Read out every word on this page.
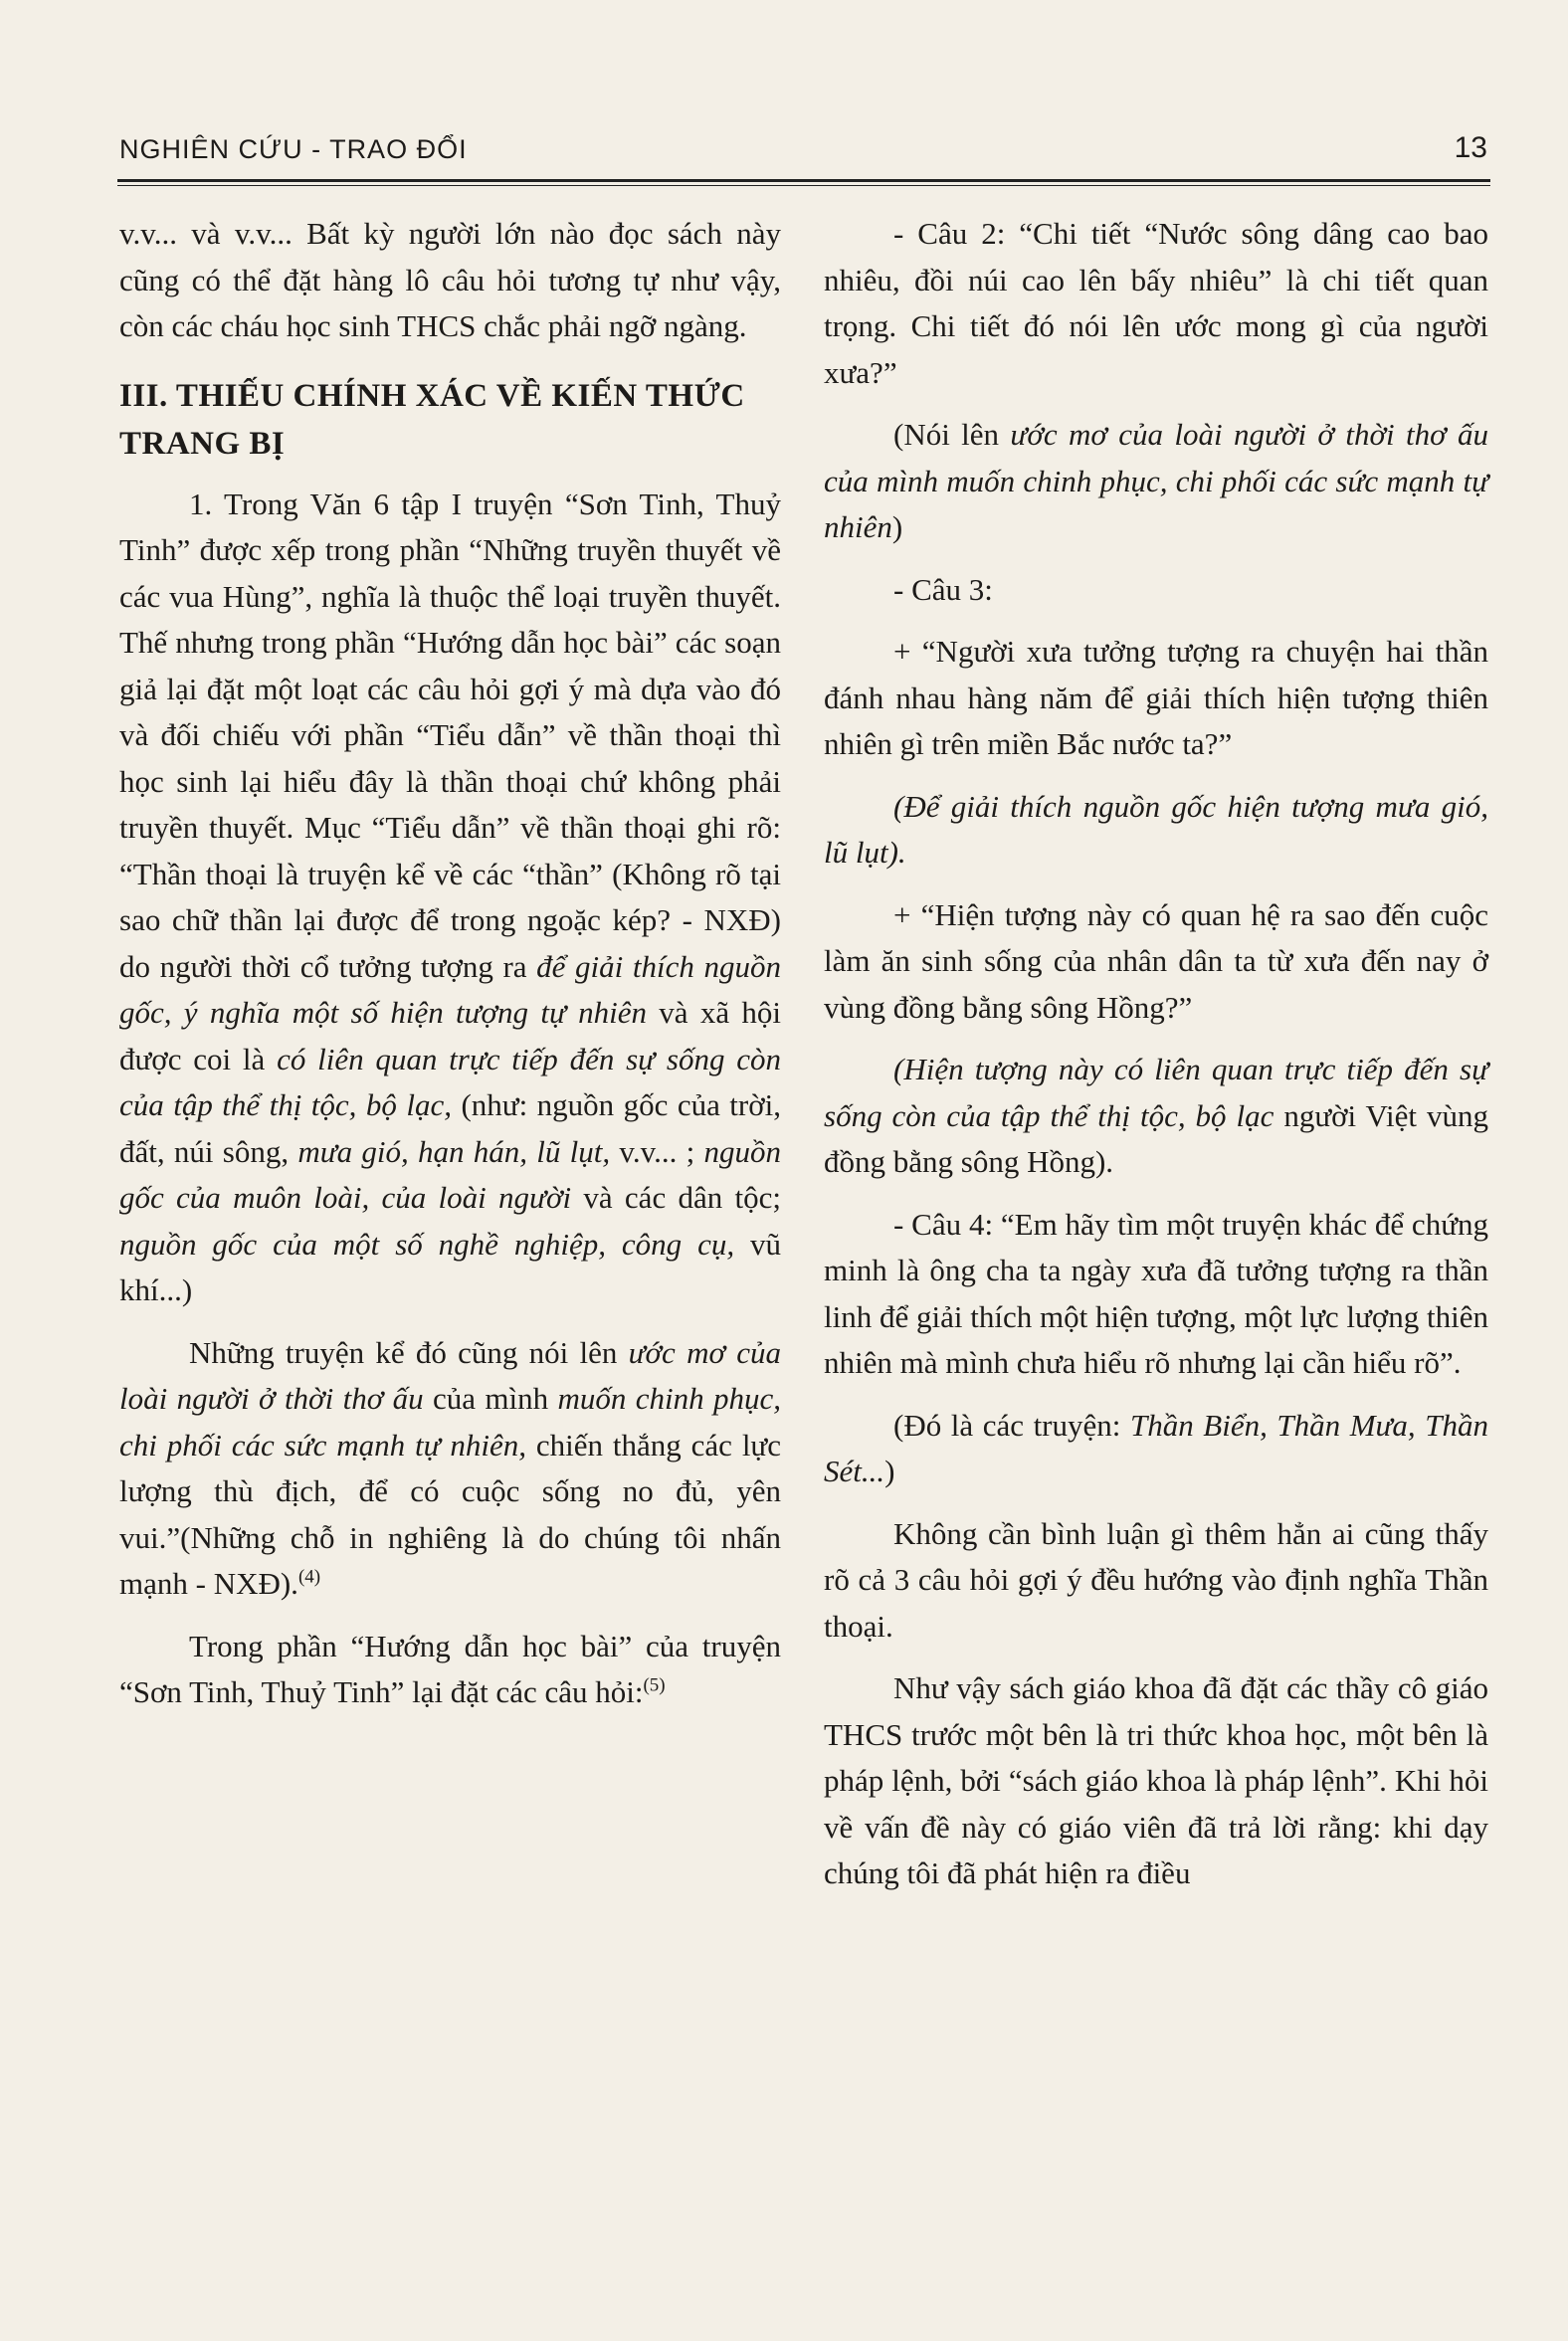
NGHIÊN CỨU - TRAO ĐỔI	13

v.v... và v.v... Bất kỳ người lớn nào đọc sách này cũng có thể đặt hàng lô câu hỏi tương tự như vậy, còn các cháu học sinh THCS chắc phải ngỡ ngàng.

III. THIẾU CHÍNH XÁC VỀ KIẾN THỨC TRANG BỊ

1. Trong Văn 6 tập I truyện “Sơn Tinh, Thuỷ Tinh” được xếp trong phần “Những truyền thuyết về các vua Hùng”, nghĩa là thuộc thể loại truyền thuyết. Thế nhưng trong phần “Hướng dẫn học bài” các soạn giả lại đặt một loạt các câu hỏi gợi ý mà dựa vào đó và đối chiếu với phần “Tiểu dẫn” về thần thoại thì học sinh lại hiểu đây là thần thoại chứ không phải truyền thuyết. Mục “Tiểu dẫn” về thần thoại ghi rõ: “Thần thoại là truyện kể về các “thần” (Không rõ tại sao chữ thần lại được để trong ngoặc kép? - NXĐ) do người thời cổ tưởng tượng ra để giải thích nguồn gốc, ý nghĩa một số hiện tượng tự nhiên và xã hội được coi là có liên quan trực tiếp đến sự sống còn của tập thể thị tộc, bộ lạc, (như: nguồn gốc của trời, đất, núi sông, mưa gió, hạn hán, lũ lụt, v.v... ; nguồn gốc của muôn loài, của loài người và các dân tộc; nguồn gốc của một số nghề nghiệp, công cụ, vũ khí...)

Những truyện kể đó cũng nói lên ước mơ của loài người ở thời thơ ấu của mình muốn chinh phục, chi phối các sức mạnh tự nhiên, chiến thắng các lực lượng thù địch, để có cuộc sống no đủ, yên vui.”(Những chỗ in nghiêng là do chúng tôi nhấn mạnh - NXĐ).$^{(4)}$

Trong phần “Hướng dẫn học bài” của truyện “Sơn Tinh, Thuỷ Tinh” lại đặt các câu hỏi:$^{(5)}$

- Câu 2: “Chi tiết “Nước sông dâng cao bao nhiêu, đồi núi cao lên bấy nhiêu” là chi tiết quan trọng. Chi tiết đó nói lên ước mong gì của người xưa?”

(Nói lên ước mơ của loài người ở thời thơ ấu của mình muốn chinh phục, chi phối các sức mạnh tự nhiên)

- Câu 3:

+ “Người xưa tưởng tượng ra chuyện hai thần đánh nhau hàng năm để giải thích hiện tượng thiên nhiên gì trên miền Bắc nước ta?”

(Để giải thích nguồn gốc hiện tượng mưa gió, lũ lụt).

+ “Hiện tượng này có quan hệ ra sao đến cuộc làm ăn sinh sống của nhân dân ta từ xưa đến nay ở vùng đồng bằng sông Hồng?”

(Hiện tượng này có liên quan trực tiếp đến sự sống còn của tập thể thị tộc, bộ lạc người Việt vùng đồng bằng sông Hồng).

- Câu 4: “Em hãy tìm một truyện khác để chứng minh là ông cha ta ngày xưa đã tưởng tượng ra thần linh để giải thích một hiện tượng, một lực lượng thiên nhiên mà mình chưa hiểu rõ nhưng lại cần hiểu rõ”.

(Đó là các truyện: Thần Biển, Thần Mưa, Thần Sét...)

Không cần bình luận gì thêm hẳn ai cũng thấy rõ cả 3 câu hỏi gợi ý đều hướng vào định nghĩa Thần thoại.

Như vậy sách giáo khoa đã đặt các thầy cô giáo THCS trước một bên là tri thức khoa học, một bên là pháp lệnh, bởi “sách giáo khoa là pháp lệnh”. Khi hỏi về vấn đề này có giáo viên đã trả lời rằng: khi dạy chúng tôi đã phát hiện ra điều
